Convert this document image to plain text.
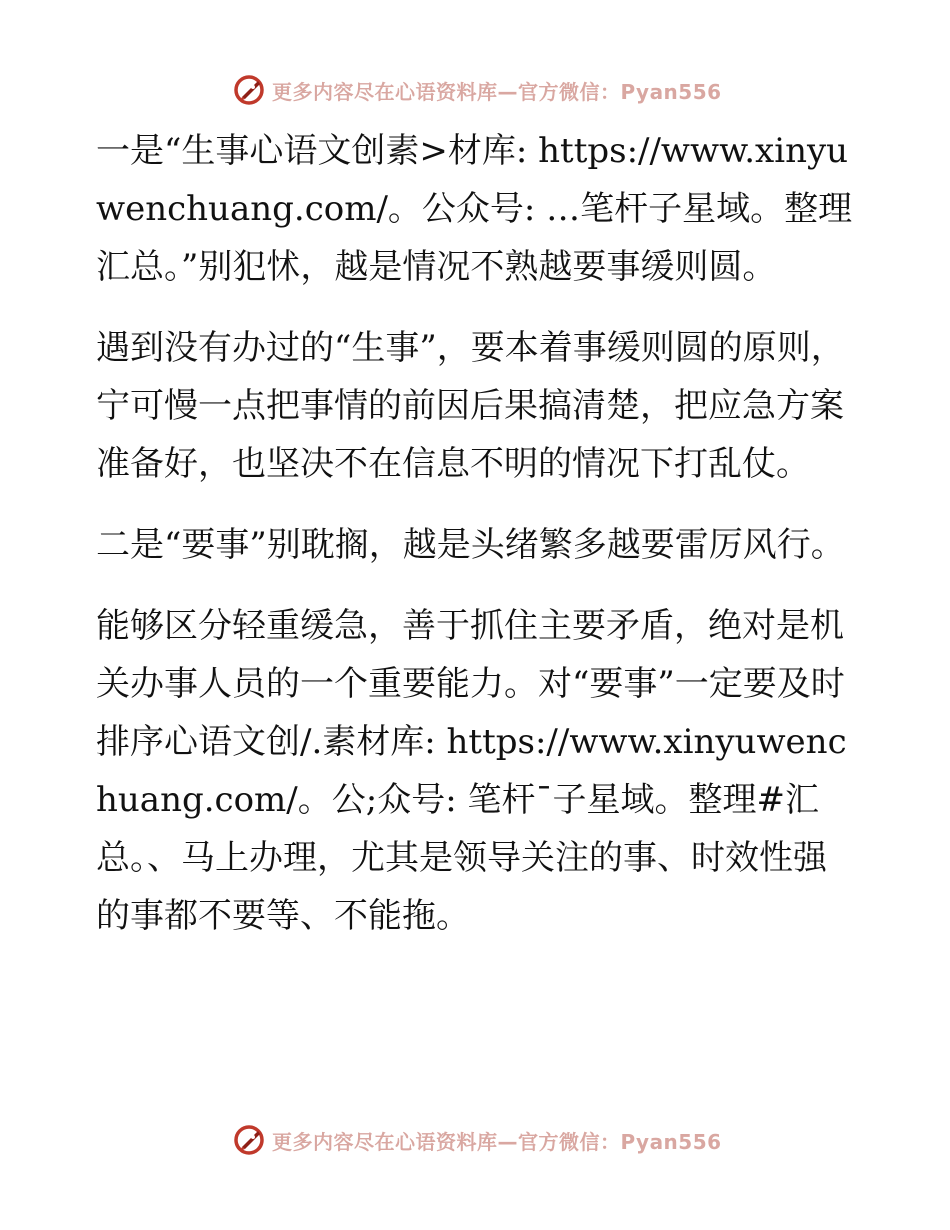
更多内容尽在心语资料库—官方微信：Pyan556

一是“生事心语文创素>材库: https://www.xinyuwenchuang.com/。公众号: …笔杆子星域。整理汇总。”别犯怵，越是情况不熟越要事缓则圆。

遇到没有办过的“生事”，要本着事缓则圆的原则，宁可慢一点把事情的前因后果搞清楚，把应急方案准备好，也坚决不在信息不明的情况下打乱仗。

二是“要事”别耽搁，越是头绪繁多越要雷厉风行。

能够区分轻重缓急，善于抓住主要矛盾，绝对是机关办事人员的一个重要能力。对“要事”一定要及时排序心语文创/.素材库: https://www.xinyuwenchuang.com/。公;众号: 笔杆¯子星域。整理#汇总。、马上办理，尤其是领导关注的事、时效性强的事都不要等、不能拖。

更多内容尽在心语资料库—官方微信：Pyan556
